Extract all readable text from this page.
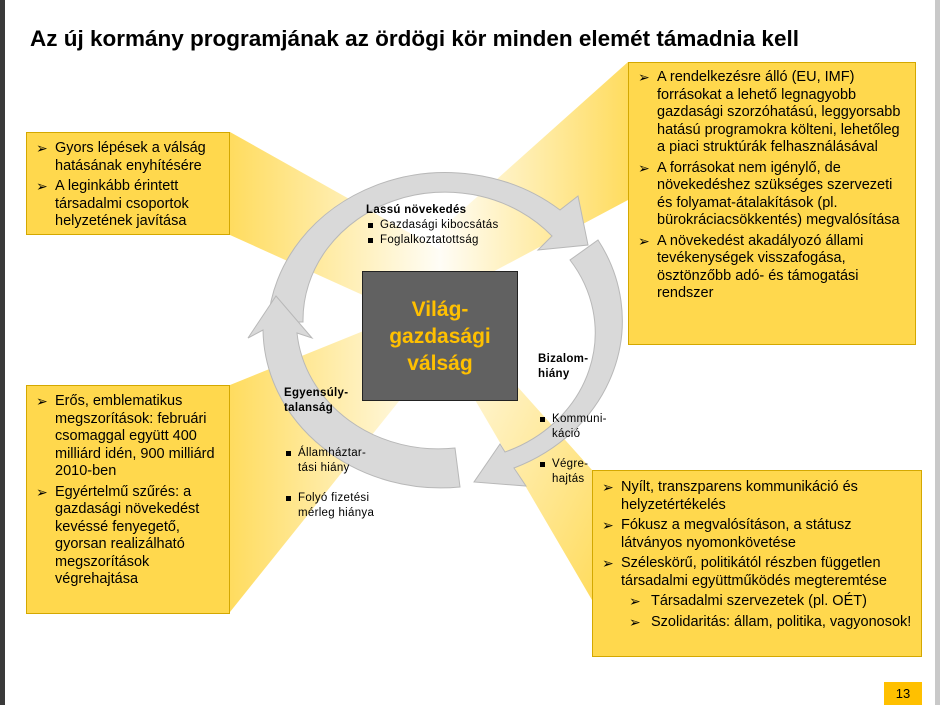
Az új kormány programjának az ördögi kör minden elemét támadnia kell
Lassú növekedés
Gazdasági kibocsátás
Foglalkoztatottság

Bizalom-
hiány

Kommuni-
káció

Végre-
hajtás

Egyensúly-
talanság

Államháztar-
tási hiány

Folyó fizetési
mérleg hiánya

Világ-
gazdasági
válság
➢ Gyors lépések a válság hatásának enyhítésére
➢ A leginkább érintett társadalmi csoportok helyzetének javítása
➢ Erős, emblematikus megszorítások: februári csomaggal együtt 400 milliárd idén, 900 milliárd 2010-ben
➢ Egyértelmű szűrés: a gazdasági növekedést kevéssé fenyegető, gyorsan realizálható megszorítások végrehajtása
➢ A rendelkezésre álló (EU, IMF) forrásokat a lehető legnagyobb gazdasági szorzóhatású, leggyorsabb hatású programokra költeni, lehetőleg a piaci struktúrák felhasználásával
➢ A forrásokat nem igénylő, de növekedéshez szükséges szervezeti és folyamat-átalakítások (pl. bürokráciacsökkentés) megvalósítása
➢ A növekedést akadályozó állami tevékenységek visszafogása, ösztönzőbb adó- és támogatási rendszer
➢ Nyílt, transzparens kommunikáció és helyzetértékelés
➢ Fókusz a megvalósításon, a státusz látványos nyomonkövetése
➢ Széleskörű, politikától részben független társadalmi együttműködés megteremtése
➢ Társadalmi szervezetek (pl. OÉT)
➢ Szolidaritás: állam, politika, vagyonosok!
13
